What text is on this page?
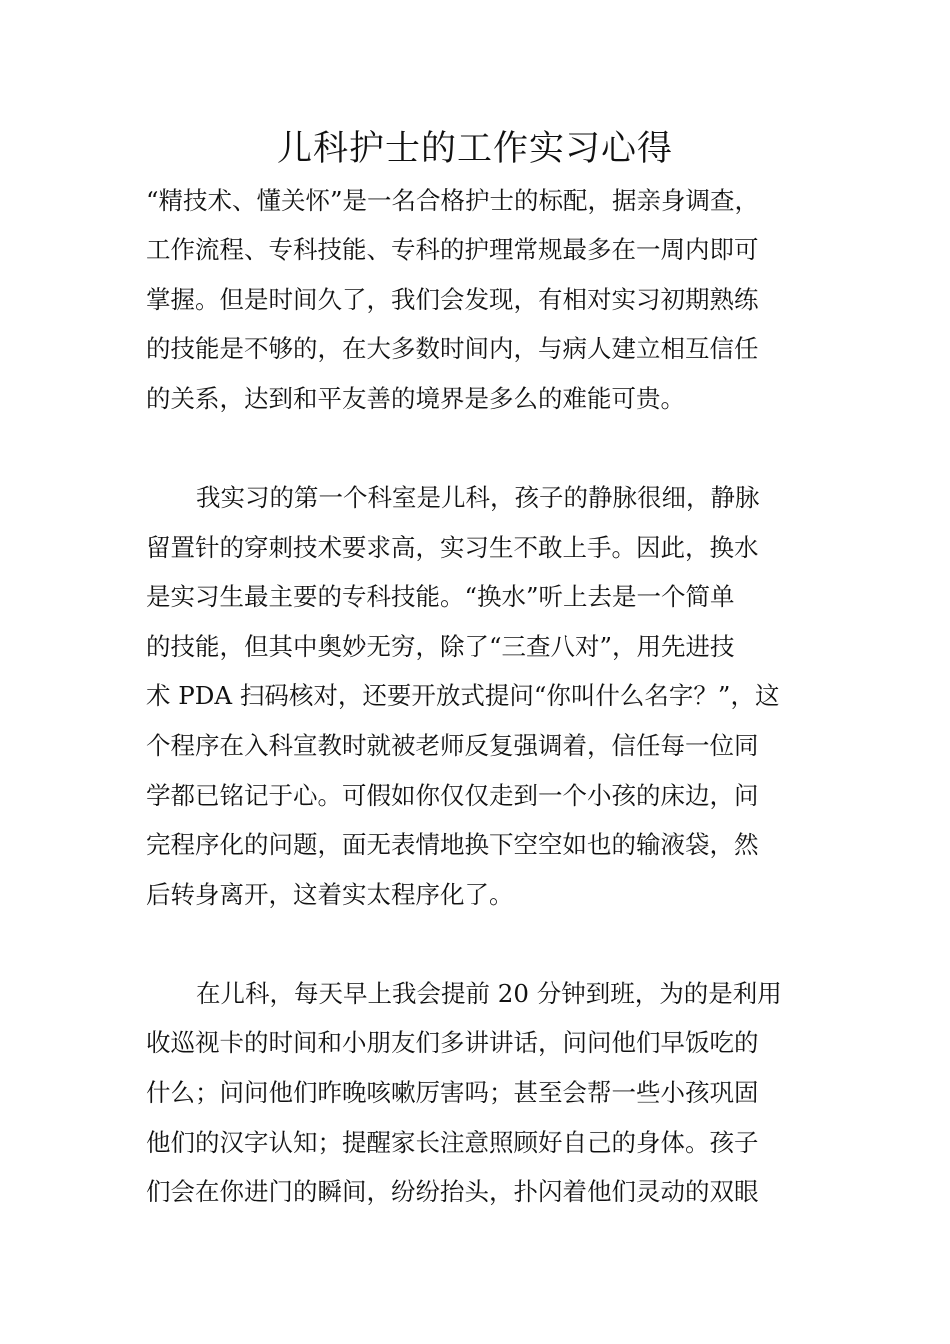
儿科护士的工作实习心得

“精技术、懂关怀”是一名合格护士的标配，据亲身调查，

工作流程、专科技能、专科的护理常规最多在一周内即可

掌握。但是时间久了，我们会发现，有相对实习初期熟练

的技能是不够的，在大多数时间内，与病人建立相互信任

的关系，达到和平友善的境界是多么的难能可贵。

我实习的第一个科室是儿科，孩子的静脉很细，静脉

留置针的穿刺技术要求高，实习生不敢上手。因此，换水

是实习生最主要的专科技能。“换水”听上去是一个简单

的技能，但其中奥妙无穷，除了“三查八对”，用先进技

术 PDA 扫码核对，还要开放式提问“你叫什么名字？”，这

个程序在入科宣教时就被老师反复强调着，信任每一位同

学都已铭记于心。可假如你仅仅走到一个小孩的床边，问

完程序化的问题，面无表情地换下空空如也的输液袋，然

后转身离开，这着实太程序化了。

在儿科，每天早上我会提前 20 分钟到班，为的是利用

收巡视卡的时间和小朋友们多讲讲话，问问他们早饭吃的

什么；问问他们昨晚咳嗽厉害吗；甚至会帮一些小孩巩固

他们的汉字认知；提醒家长注意照顾好自己的身体。孩子

们会在你进门的瞬间，纷纷抬头，扑闪着他们灵动的双眼
